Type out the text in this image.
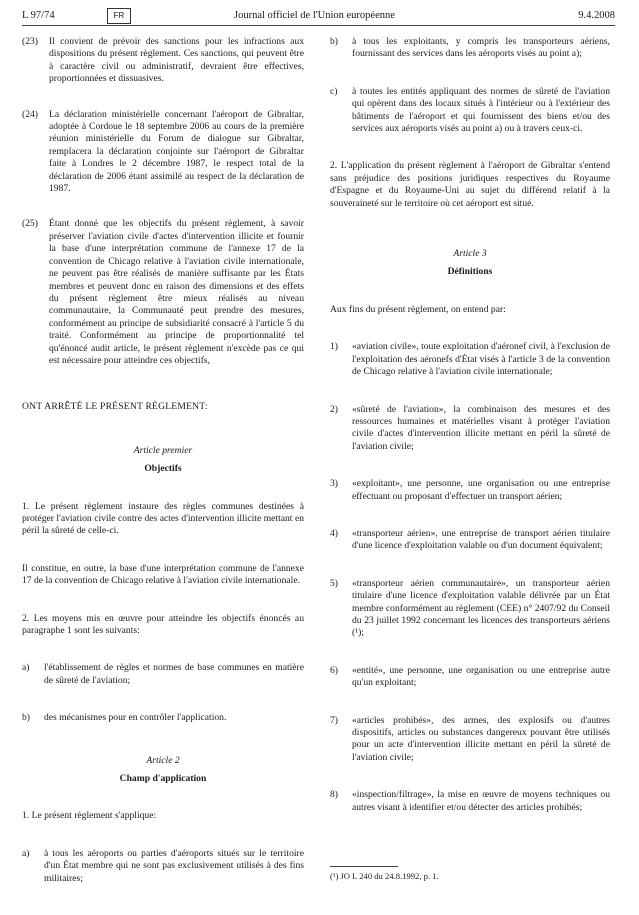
L 97/74	FR	Journal officiel de l'Union européenne	9.4.2008
(23) Il convient de prévoir des sanctions pour les infractions aux dispositions du présent règlement. Ces sanctions, qui peuvent être à caractère civil ou administratif, devraient être effectives, proportionnées et dissuasives.
(24) La déclaration ministérielle concernant l'aéroport de Gibraltar, adoptée à Cordoue le 18 septembre 2006 au cours de la première réunion ministérielle du Forum de dialogue sur Gibraltar, remplacera la déclaration conjointe sur l'aéroport de Gibraltar faite à Londres le 2 décembre 1987, le respect total de la déclaration de 2006 étant assimilé au respect de la déclaration de 1987.
(25) Étant donné que les objectifs du présent règlement, à savoir préserver l'aviation civile d'actes d'intervention illicite et fournir la base d'une interprétation commune de l'annexe 17 de la convention de Chicago relative à l'aviation civile internationale, ne peuvent pas être réalisés de manière suffisante par les États membres et peuvent donc en raison des dimensions et des effets du présent règlement être mieux réalisés au niveau communautaire, la Communauté peut prendre des mesures, conformément au principe de subsidiarité consacré à l'article 5 du traité. Conformément au principe de proportionnalité tel qu'énoncé audit article, le présent règlement n'excède pas ce qui est nécessaire pour atteindre ces objectifs,

ONT ARRÊTÉ LE PRÉSENT RÈGLEMENT:

Article premier
Objectifs

1. Le présent règlement instaure des règles communes destinées à protéger l'aviation civile contre des actes d'intervention illicite mettant en péril la sûreté de celle-ci.

Il constitue, en outre, la base d'une interprétation commune de l'annexe 17 de la convention de Chicago relative à l'aviation civile internationale.

2. Les moyens mis en œuvre pour atteindre les objectifs énoncés au paragraphe 1 sont les suivants:

a) l'établissement de règles et normes de base communes en matière de sûreté de l'aviation;
b) des mécanismes pour en contrôler l'application.
Article 2
Champ d'application

1. Le présent règlement s'applique:

a) à tous les aéroports ou parties d'aéroports situés sur le territoire d'un État membre qui ne sont pas exclusivement utilisés à des fins militaires;
b) à tous les exploitants, y compris les transporteurs aériens, fournissant des services dans les aéroports visés au point a);
c) à toutes les entités appliquant des normes de sûreté de l'aviation qui opèrent dans des locaux situés à l'intérieur ou à l'extérieur des bâtiments de l'aéroport et qui fournissent des biens et/ou des services aux aéroports visés au point a) ou à travers ceux-ci.

2. L'application du présent règlement à l'aéroport de Gibraltar s'entend sans préjudice des positions juridiques respectives du Royaume d'Espagne et du Royaume-Uni au sujet du différend relatif à la souveraineté sur le territoire où cet aéroport est situé.

Article 3
Définitions

Aux fins du présent règlement, on entend par:

1) «aviation civile», toute exploitation d'aéronef civil, à l'exclusion de l'exploitation des aéronefs d'État visés à l'article 3 de la convention de Chicago relative à l'aviation civile internationale;
2) «sûreté de l'aviation», la combinaison des mesures et des ressources humaines et matérielles visant à protéger l'aviation civile d'actes d'intervention illicite mettant en péril la sûreté de l'aviation civile;
3) «exploitant», une personne, une organisation ou une entreprise effectuant ou proposant d'effectuer un transport aérien;
4) «transporteur aérien», une entreprise de transport aérien titulaire d'une licence d'exploitation valable ou d'un document équivalent;
5) «transporteur aérien communautaire», un transporteur aérien titulaire d'une licence d'exploitation valable délivrée par un État membre conformément au règlement (CEE) n° 2407/92 du Conseil du 23 juillet 1992 concernant les licences des transporteurs aériens (¹);
6) «entité», une personne, une organisation ou une entreprise autre qu'un exploitant;
7) «articles prohibés», des armes, des explosifs ou d'autres dispositifs, articles ou substances dangereux pouvant être utilisés pour un acte d'intervention illicite mettant en péril la sûreté de l'aviation civile;
8) «inspection/filtrage», la mise en œuvre de moyens techniques ou autres visant à identifier et/ou détecter des articles prohibés;
(¹) JO L 240 du 24.8.1992, p. 1.
